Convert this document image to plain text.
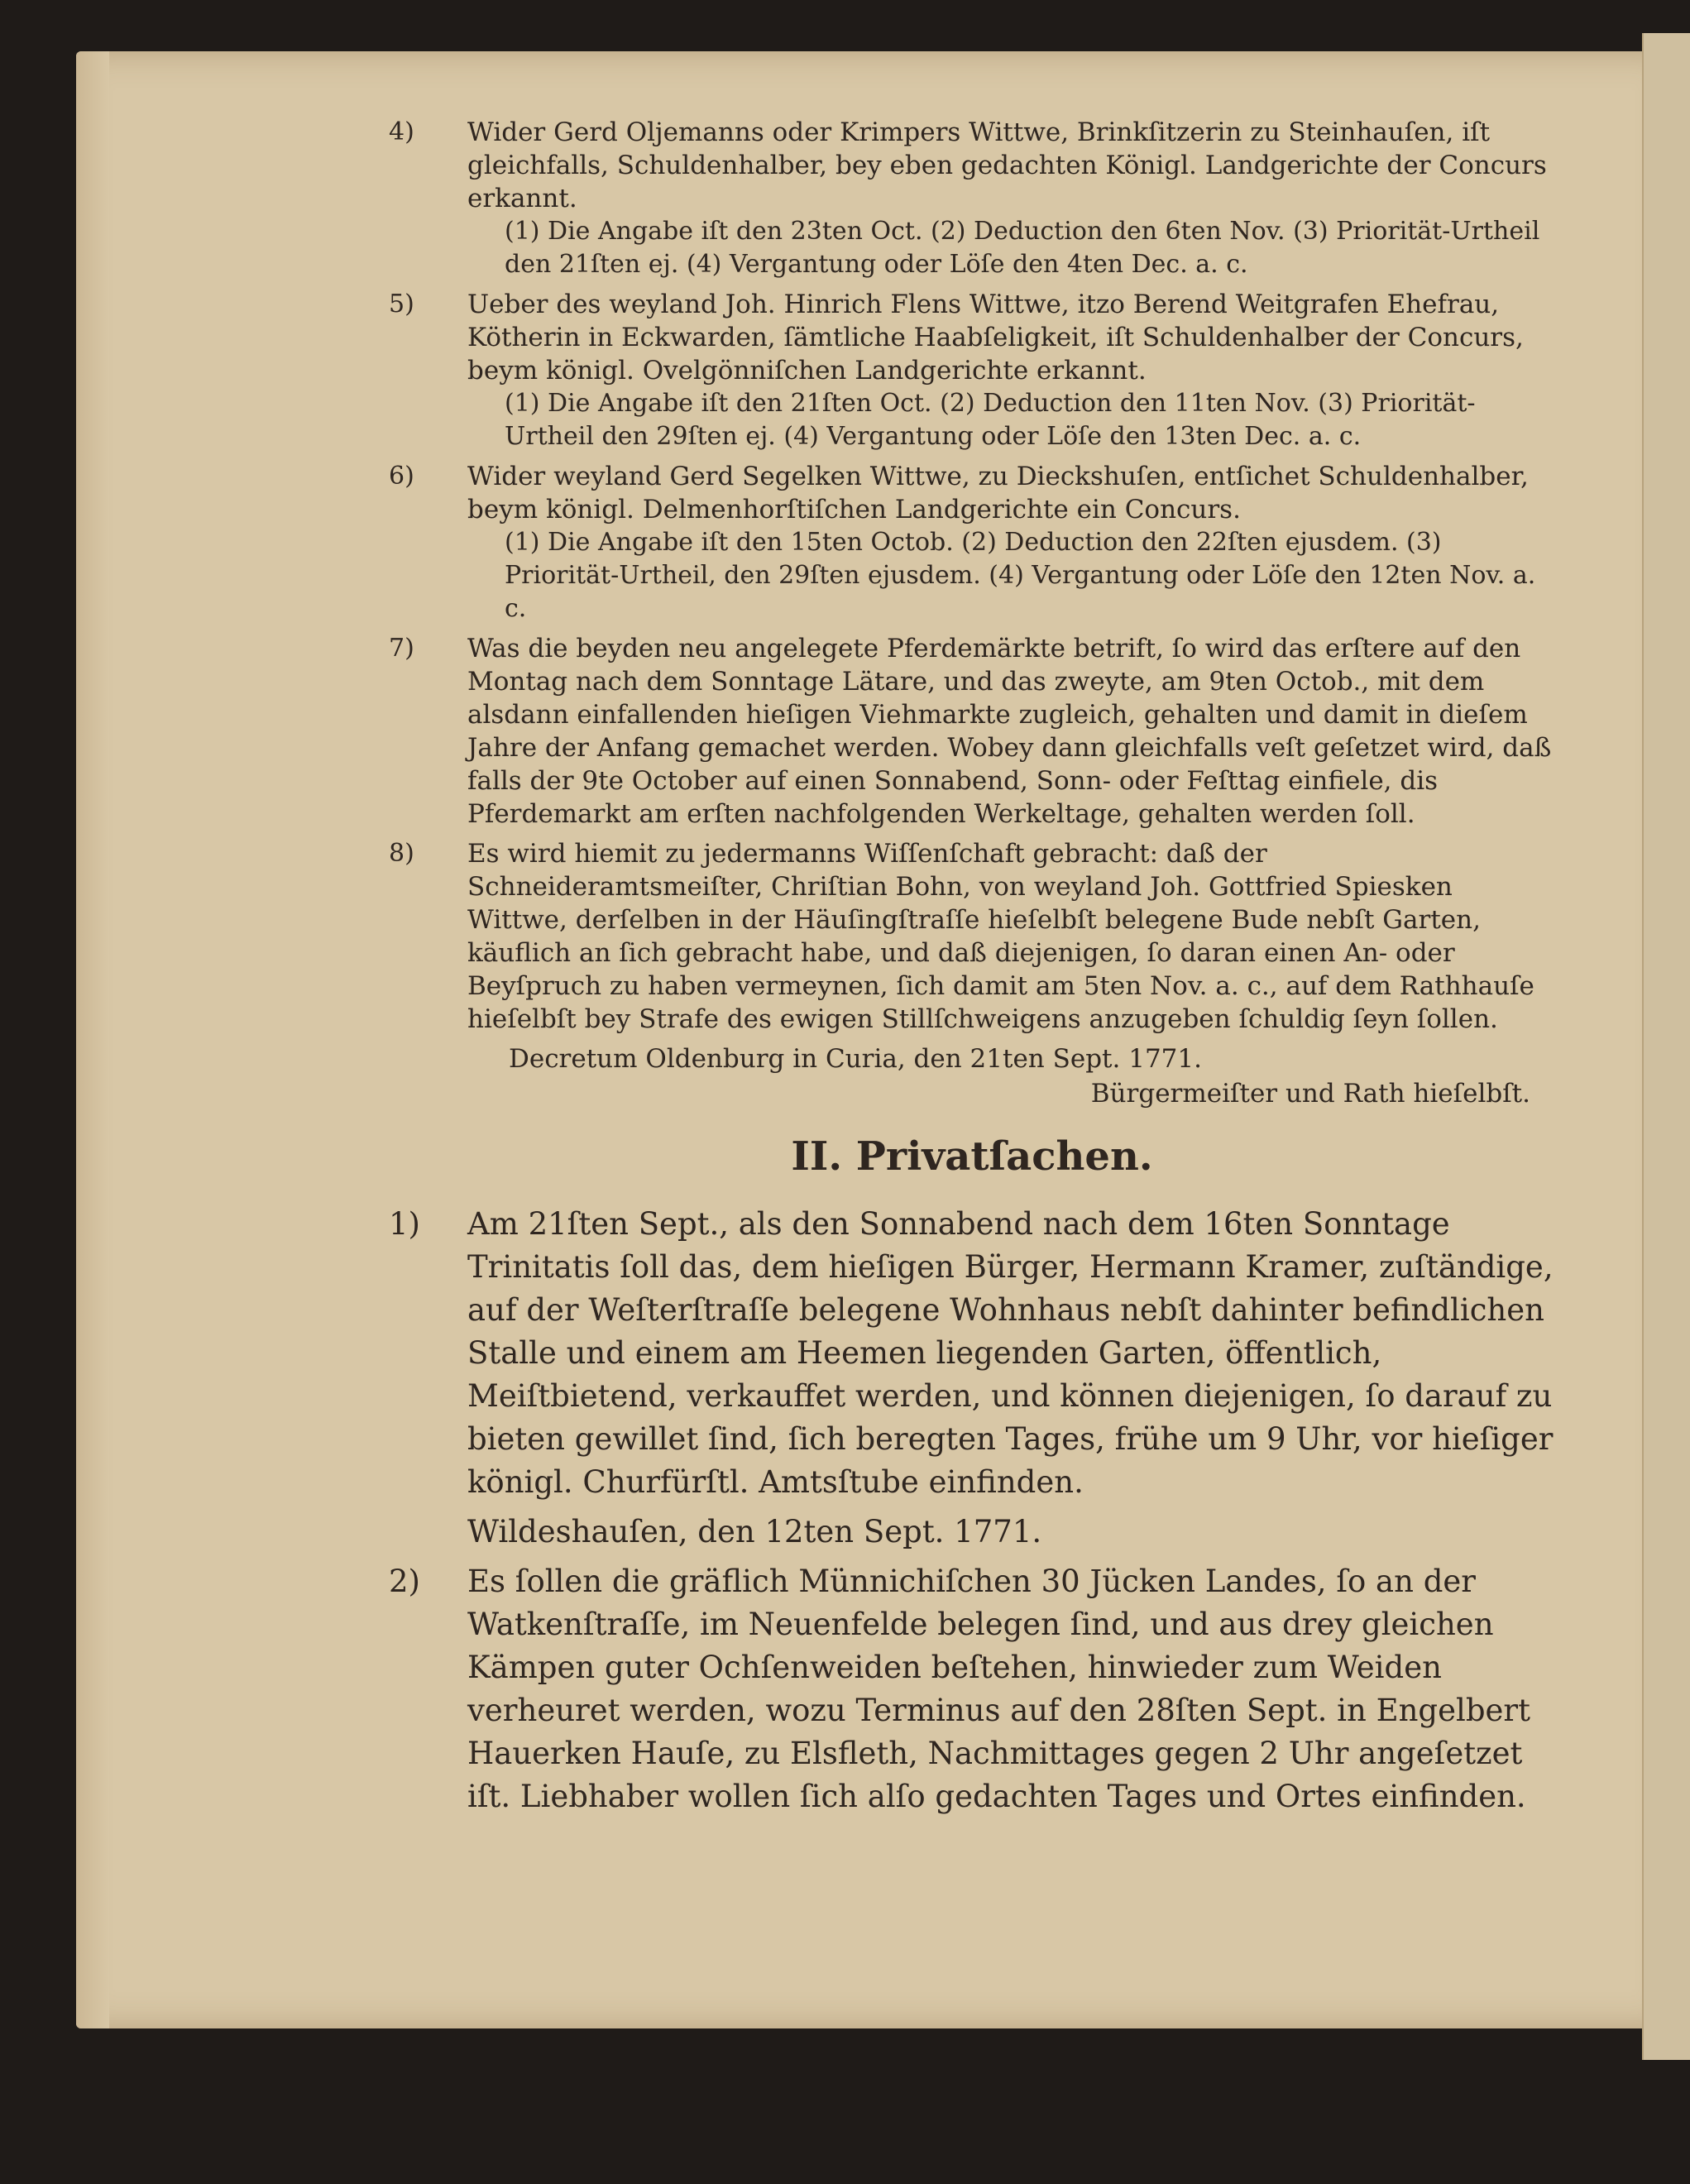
4) Wider Gerd Oljemanns oder Krimpers Wittwe, Brinkſitzerin zu Steinhauſen, iſt gleichfalls, Schuldenhalber, bey eben gedachten Königl. Landgerichte der Concurs erkannt.
(1) Die Angabe iſt den 23ten Oct. (2) Deduction den 6ten Nov. (3) Priorität-Urtheil den 21ſten ej. (4) Vergantung oder Löſe den 4ten Dec. a. c.
5) Ueber des weyland Joh. Hinrich Flens Wittwe, itzo Berend Weitgrafen Ehefrau, Kötherin in Eckwarden, ſämtliche Haabſeligkeit, iſt Schuldenhalber der Concurs, beym königl. Ovelgönniſchen Landgerichte erkannt.
(1) Die Angabe iſt den 21ſten Oct. (2) Deduction den 11ten Nov. (3) Priorität-Urtheil den 29ſten ej. (4) Vergantung oder Löſe den 13ten Dec. a. c.
6) Wider weyland Gerd Segelken Wittwe, zu Dieckshuſen, entſichet Schuldenhalber, beym königl. Delmenhorſtiſchen Landgerichte ein Concurs.
(1) Die Angabe iſt den 15ten Octob. (2) Deduction den 22ſten ejusdem. (3) Priorität-Urtheil, den 29ſten ejusdem. (4) Vergantung oder Löſe den 12ten Nov. a. c.
7) Was die beyden neu angelegete Pferdemärkte betrift, ſo wird das erſtere auf den Montag nach dem Sonntage Lätare, und das zweyte, am 9ten Octob., mit dem alsdann einfallenden hieſigen Viehmarkte zugleich, gehalten und damit in dieſem Jahre der Anfang gemachet werden. Wobey dann gleichfalls veſt geſetzet wird, daß falls der 9te October auf einen Sonnabend, Sonn- oder Feſttag einfiele, dis Pferdemarkt am erſten nachfolgenden Werkeltage, gehalten werden ſoll.
8) Es wird hiemit zu jedermanns Wiſſenſchaft gebracht: daß der Schneideramtsmeiſter, Chriſtian Bohn, von weyland Joh. Gottfried Spiesken Wittwe, derſelben in der Häuſingſtraſſe hieſelbſt belegene Bude nebſt Garten, käuflich an ſich gebracht habe, und daß diejenigen, ſo daran einen An- oder Beyſpruch zu haben vermeynen, ſich damit am 5ten Nov. a. c., auf dem Rathhauſe hieſelbſt bey Strafe des ewigen Stillſchweigens anzugeben ſchuldig ſeyn ſollen.
Decretum Oldenburg in Curia, den 21ten Sept. 1771.
Bürgermeiſter und Rath hieſelbſt.
II. Privatſachen.
1) Am 21ſten Sept., als den Sonnabend nach dem 16ten Sonntage Trinitatis ſoll das, dem hieſigen Bürger, Hermann Kramer, zuſtändige, auf der Weſterſtraſſe belegene Wohnhaus nebſt dahinter befindlichen Stalle und einem am Heemen liegenden Garten, öffentlich, Meiſtbietend, verkauffet werden, und können diejenigen, ſo darauf zu bieten gewillet ſind, ſich beregten Tages, frühe um 9 Uhr, vor hieſiger königl. Churfürſtl. Amtsſtube einfinden.
Wildeshauſen, den 12ten Sept. 1771.
2) Es ſollen die gräflich Münnichiſchen 30 Jücken Landes, ſo an der Watkenſtraſſe, im Neuenfelde belegen ſind, und aus drey gleichen Kämpen guter Ochſenweiden beſtehen, hinwieder zum Weiden verheuret werden, wozu Terminus auf den 28ſten Sept. in Engelbert Hauerken Hauſe, zu Elsfleth, Nachmittages gegen 2 Uhr angeſetzet iſt. Liebhaber wollen ſich alſo gedachten Tages und Ortes einfinden.
